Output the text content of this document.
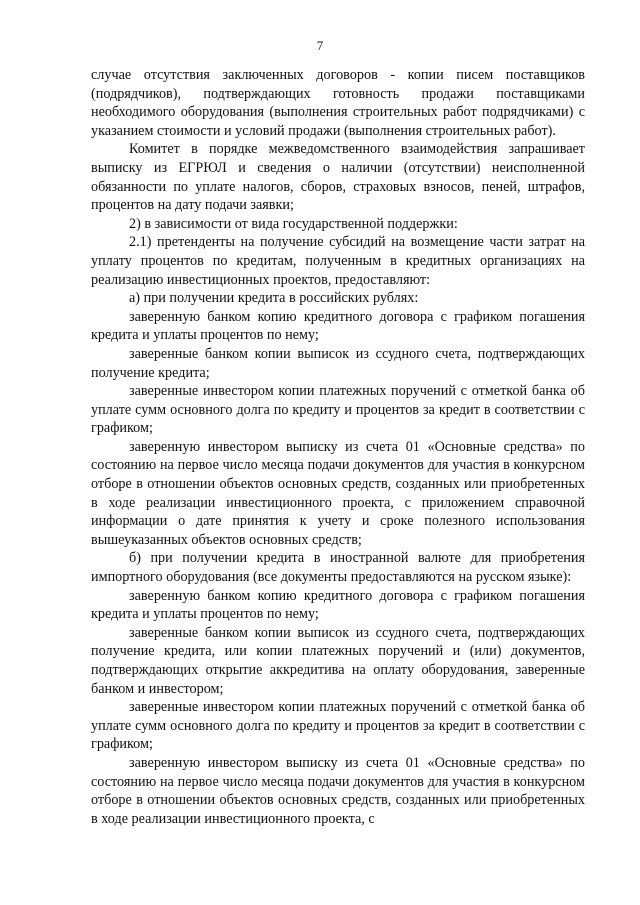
7

случае отсутствия заключенных договоров - копии писем поставщиков (подрядчиков), подтверждающих готовность продажи поставщиками необходимого оборудования (выполнения строительных работ подрядчиками) с указанием стоимости и условий продажи (выполнения строительных работ).

Комитет в порядке межведомственного взаимодействия запрашивает выписку из ЕГРЮЛ и сведения о наличии (отсутствии) неисполненной обязанности по уплате налогов, сборов, страховых взносов, пеней, штрафов, процентов на дату подачи заявки;

2) в зависимости от вида государственной поддержки:

2.1) претенденты на получение субсидий на возмещение части затрат на уплату процентов по кредитам, полученным в кредитных организациях на реализацию инвестиционных проектов, предоставляют:

а) при получении кредита в российских рублях:

заверенную банком копию кредитного договора с графиком погашения кредита и уплаты процентов по нему;

заверенные банком копии выписок из ссудного счета, подтверждающих получение кредита;

заверенные инвестором копии платежных поручений с отметкой банка об уплате сумм основного долга по кредиту и процентов за кредит в соответствии с графиком;

заверенную инвестором выписку из счета 01 «Основные средства» по состоянию на первое число месяца подачи документов для участия в конкурсном отборе в отношении объектов основных средств, созданных или приобретенных в ходе реализации инвестиционного проекта, с приложением справочной информации о дате принятия к учету и сроке полезного использования вышеуказанных объектов основных средств;

б) при получении кредита в иностранной валюте для приобретения импортного оборудования (все документы предоставляются на русском языке):

заверенную банком копию кредитного договора с графиком погашения кредита и уплаты процентов по нему;

заверенные банком копии выписок из ссудного счета, подтверждающих получение кредита, или копии платежных поручений и (или) документов, подтверждающих открытие аккредитива на оплату оборудования, заверенные банком и инвестором;

заверенные инвестором копии платежных поручений с отметкой банка об уплате сумм основного долга по кредиту и процентов за кредит в соответствии с графиком;

заверенную инвестором выписку из счета 01 «Основные средства» по состоянию на первое число месяца подачи документов для участия в конкурсном отборе в отношении объектов основных средств, созданных или приобретенных в ходе реализации инвестиционного проекта, с
